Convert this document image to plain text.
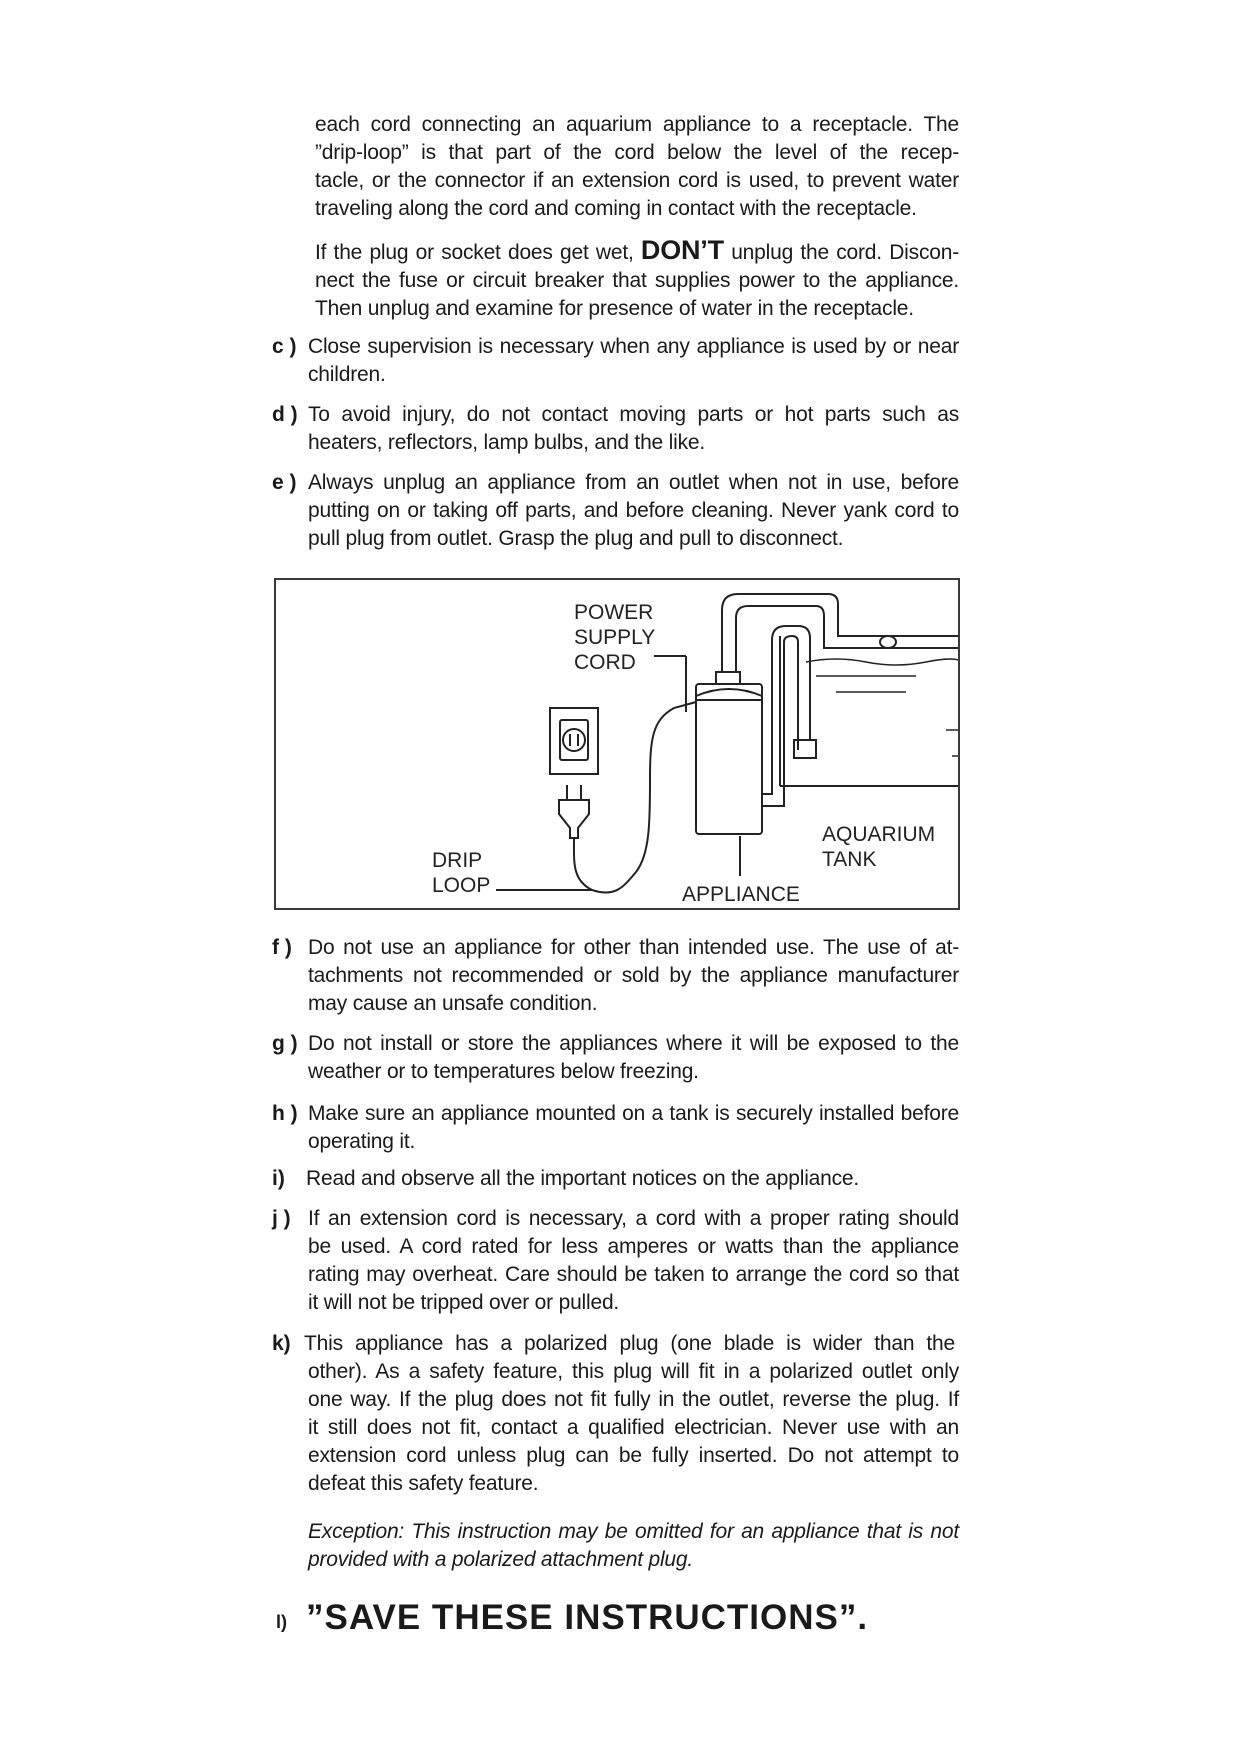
each cord connecting an aquarium appliance to a receptacle. The
”drip-loop” is that part of the cord below the level of the recep-
tacle, or the connector if an extension cord is used, to prevent water
traveling along the cord and coming in contact with the receptacle.
If the plug or socket does get wet, DON’T unplug the cord. Discon-
nect the fuse or circuit breaker that supplies power to the appliance.
Then unplug and examine for presence of water in the receptacle.
c ) Close supervision is necessary when any appliance is used by or near
children.
d ) To avoid injury, do not contact moving parts or hot parts such as
heaters, reflectors, lamp bulbs, and the like.
e ) Always unplug an appliance from an outlet when not in use, before
putting on or taking off parts, and before cleaning. Never yank cord to
pull plug from outlet. Grasp the plug and pull to disconnect.
POWER
SUPPLY
CORD
AQUARIUM
TANK
DRIP
LOOP	APPLIANCE
f ) Do not use an appliance for other than intended use. The use of at-
tachments not recommended or sold by the appliance manufacturer
may cause an unsafe condition.
g ) Do not install or store the appliances where it will be exposed to the
weather or to temperatures below freezing.
h ) Make sure an appliance mounted on a tank is securely installed before
operating it.
i) Read and observe all the important notices on the appliance.
j ) If an extension cord is necessary, a cord with a proper rating should
be used. A cord rated for less amperes or watts than the appliance
rating may overheat. Care should be taken to arrange the cord so that
it will not be tripped over or pulled.
k) This appliance has a polarized plug (one blade is wider than the
other). As a safety feature, this plug will fit in a polarized outlet only
one way. If the plug does not fit fully in the outlet, reverse the plug. If
it still does not fit, contact a qualified electrician. Never use with an
extension cord unless plug can be fully inserted. Do not attempt to
defeat this safety feature.
Exception: This instruction may be omitted for an appliance that is not
provided with a polarized attachment plug.
l) ”SAVE THESE INSTRUCTIONS”.
